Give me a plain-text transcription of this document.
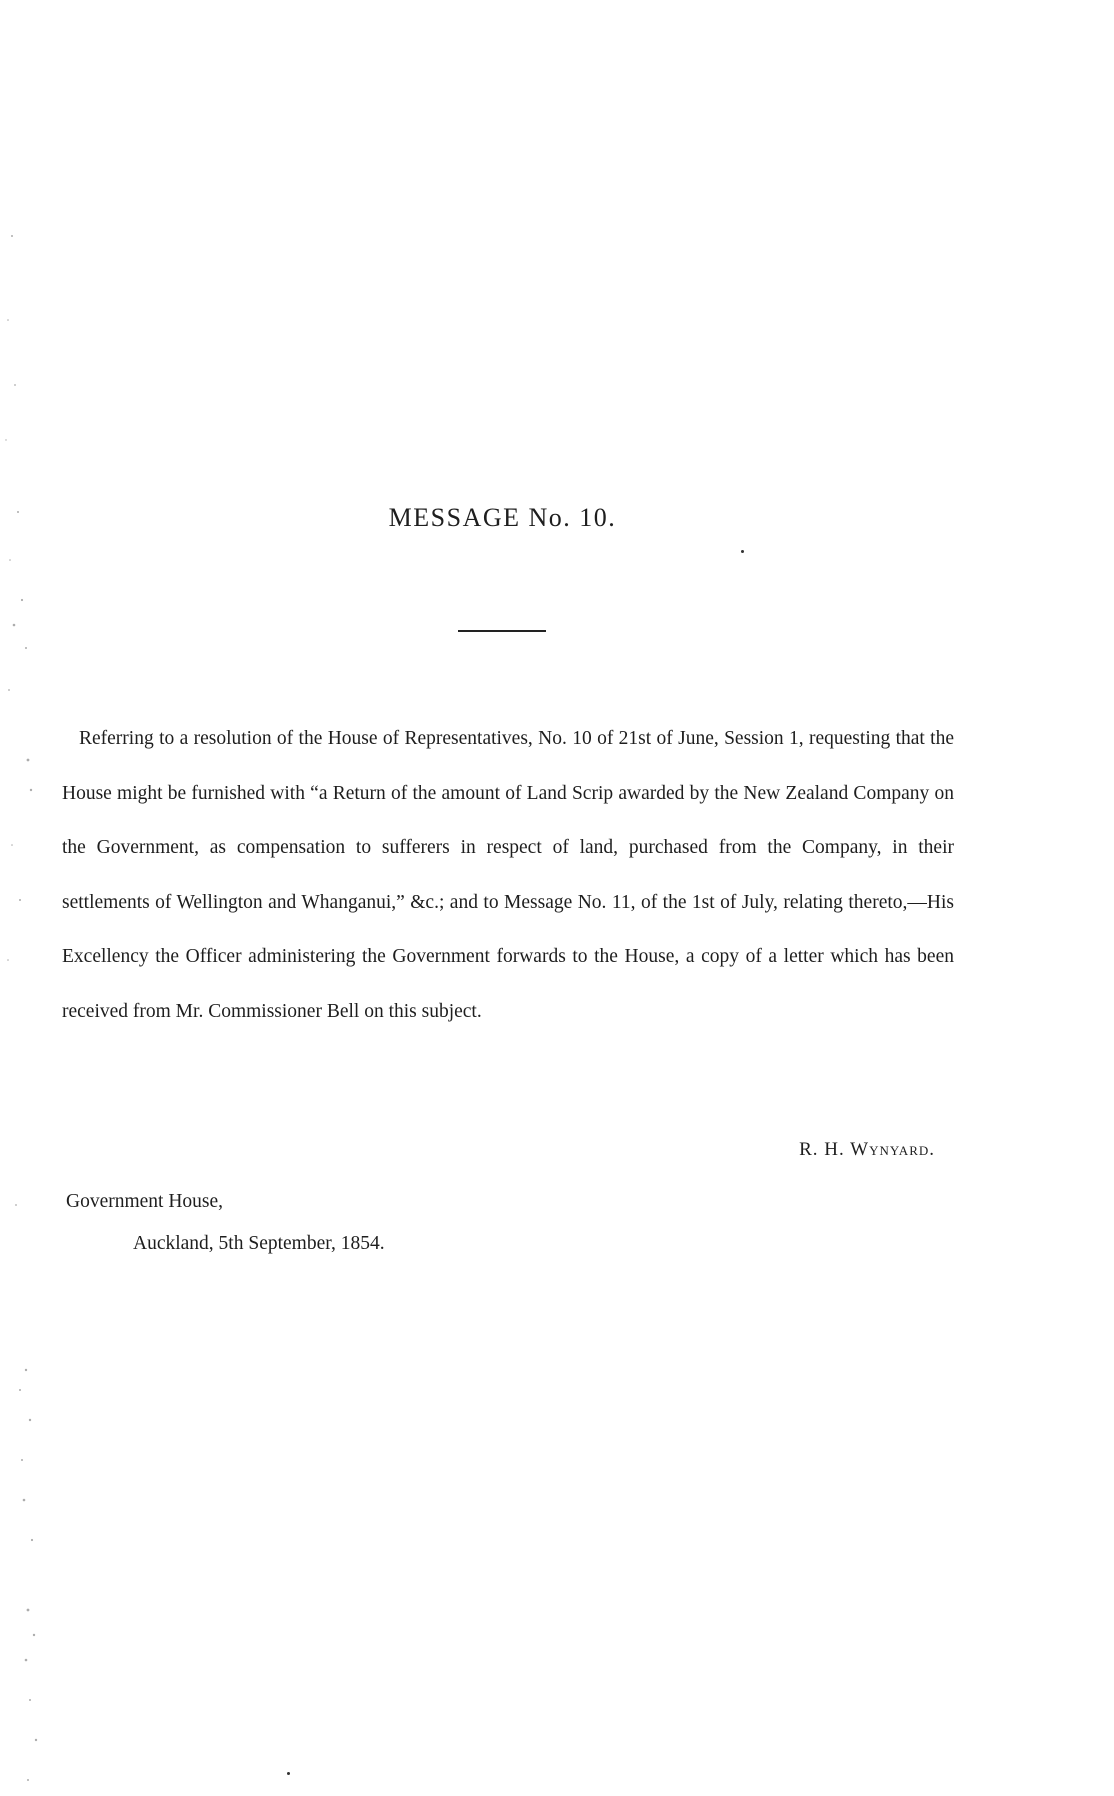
MESSAGE No. 10.

Referring to a resolution of the House of Representatives, No. 10 of 21st of June, Session 1, requesting that the House might be furnished with “a Return of the amount of Land Scrip awarded by the New Zealand Company on the Government, as compensation to sufferers in respect of land, purchased from the Company, in their settlements of Wellington and Whanganui,” &c.; and to Message No. 11, of the 1st of July, relating thereto,—His Excellency the Officer administering the Government forwards to the House, a copy of a letter which has been received from Mr. Commissioner Bell on this subject.

R. H. Wynyard.
Government House,
Auckland, 5th September, 1854.
